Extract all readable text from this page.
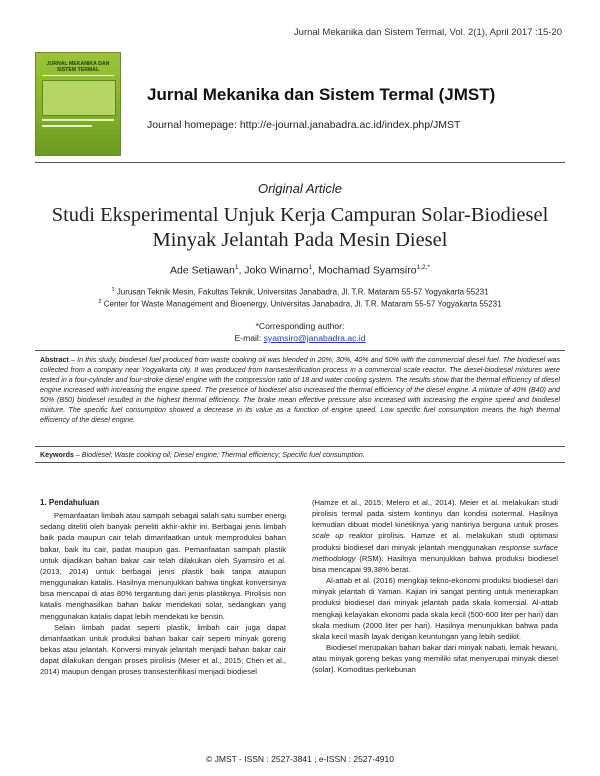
Jurnal Mekanika dan Sistem Termal, Vol. 2(1), April 2017 :15-20
JURNAL MEKANIKA DAN SISTEM TERMAL
Jurnal Mekanika dan Sistem Termal (JMST)
Journal homepage: http://e-journal.janabadra.ac.id/index.php/JMST
Original Article
Studi Eksperimental Unjuk Kerja Campuran Solar-Biodiesel
Minyak Jelantah Pada Mesin Diesel
Ade Setiawan$^1$, Joko Winarno$^1$, Mochamad Syamsiro$^{1,2,*}$
$^1$ Jurusan Teknik Mesin, Fakultas Teknik, Universitas Janabadra, Jl. T.R. Mataram 55-57 Yogyakarta 55231
$^2$ Center for Waste Management and Bioenergy, Universitas Janabadra, Jl. T.R. Mataram 55-57 Yogyakarta 55231
*Corresponding author:
E-mail: syamsiro@janabadra.ac.id
Abstract – In this study, biodiesel fuel produced from waste cooking oil was blended in 20%, 30%, 40% and 50% with the commercial diesel fuel. The biodiesel was collected from a company near Yogyakarta city. It was produced from transesterification process in a commercial scale reactor. The diesel-biodiesel mixtures were tested in a four-cylinder and four-stroke diesel engine with the compression ratio of 18 and water cooling system. The results show that the thermal efficiency of diesel engine increased with increasing the engine speed. The presence of biodiesel also increased the thermal efficiency of the diesel engine. A mixture of 40% (B40) and 50% (B50) biodiesel resulted in the highest thermal efficiency. The brake mean effective pressure also increased with increasing the engine speed and biodiesel mixture. The specific fuel consumption showed a decrease in its value as a function of engine speed. Low specific fuel consumption means the high thermal efficiency of the diesel engine.
Keywords – Biodiesel; Waste cooking oil; Diesel engine; Thermal efficiency; Specific fuel consumption.
1. Pendahuluan

Pemanfaatan limbah atau sampah sebagai salah satu sumber energi sedang diteliti oleh banyak peneliti akhir-akhir ini. Berbagai jenis limbah baik pada maupun cair telah dimanfaatkan untuk memproduksi bahan bakar, baik itu cair, padat maupun gas. Pemanfaatan sampah plastik untuk dijadikan bahan bakar cair telah dilakukan oleh Syamsiro et al. (2013, 2014) untuk berbagai jenis plastik baik tanpa ataupun menggunakan katalis. Hasilnya menunjukkan bahwa tingkat konversinya bisa mencapai di atas 80% tergantung dari jenis plastiknya. Pirolisis non katalis menghasilkan bahan bakar mendekati solar, sedangkan yang menggunakan katalis dapat lebih mendekati ke bensin.

Selain limbah padat seperti plastik, limbah cair juga dapat dimanfaatkan untuk produksi bahan bakar cair seperti minyak goreng bekas atau jelantah. Konversi minyak jelantah menjadi bahan bakar cair dapat dilakukan dengan proses pirolisis (Meier et al., 2015; Chen et al., 2014) maupun dengan proses transesterifikasi menjadi biodiesel

(Hamze et al., 2015; Melero et al., 2014). Meier et al. melakukan studi pirolisis termal pada sistem kontinyu dan kondisi isotermal. Hasilnya kemudian dibuat model kinetiknya yang nantinya berguna untuk proses scale up reaktor pirolisis. Hamze et al. melakukan studi optimasi produksi biodiesel dari minyak jelantah menggunakan response surface methodology (RSM). Hasilnya menunjukkan bahwa produksi biodiesel bisa mencapai 99,38% berat.

Al-attab et al. (2016) mengkaji tekno-ekonomi produksi biodiesel dari minyak jelantah di Yaman. Kajian ini sangat penting untuk menerapkan produksi biodiesel dari minyak jelantah pada skala komersial. Al-attab mengkaji kelayakan ekonomi pada skala kecil (500-600 liter per hari) dan skala medium (2000 liter per hari). Hasilnya menunjukkan bahwa pada skala kecil masih layak dengan keuntungan yang lebih sedikit.

Biodiesel merupakan bahan bakar dari minyak nabati, lemak hewani, atau minyak goreng bekas yang memiliki sifat menyerupai minyak diesel (solar). Komoditas perkebunan

© JMST - ISSN : 2527-3841 ; e-ISSN : 2527-4910
